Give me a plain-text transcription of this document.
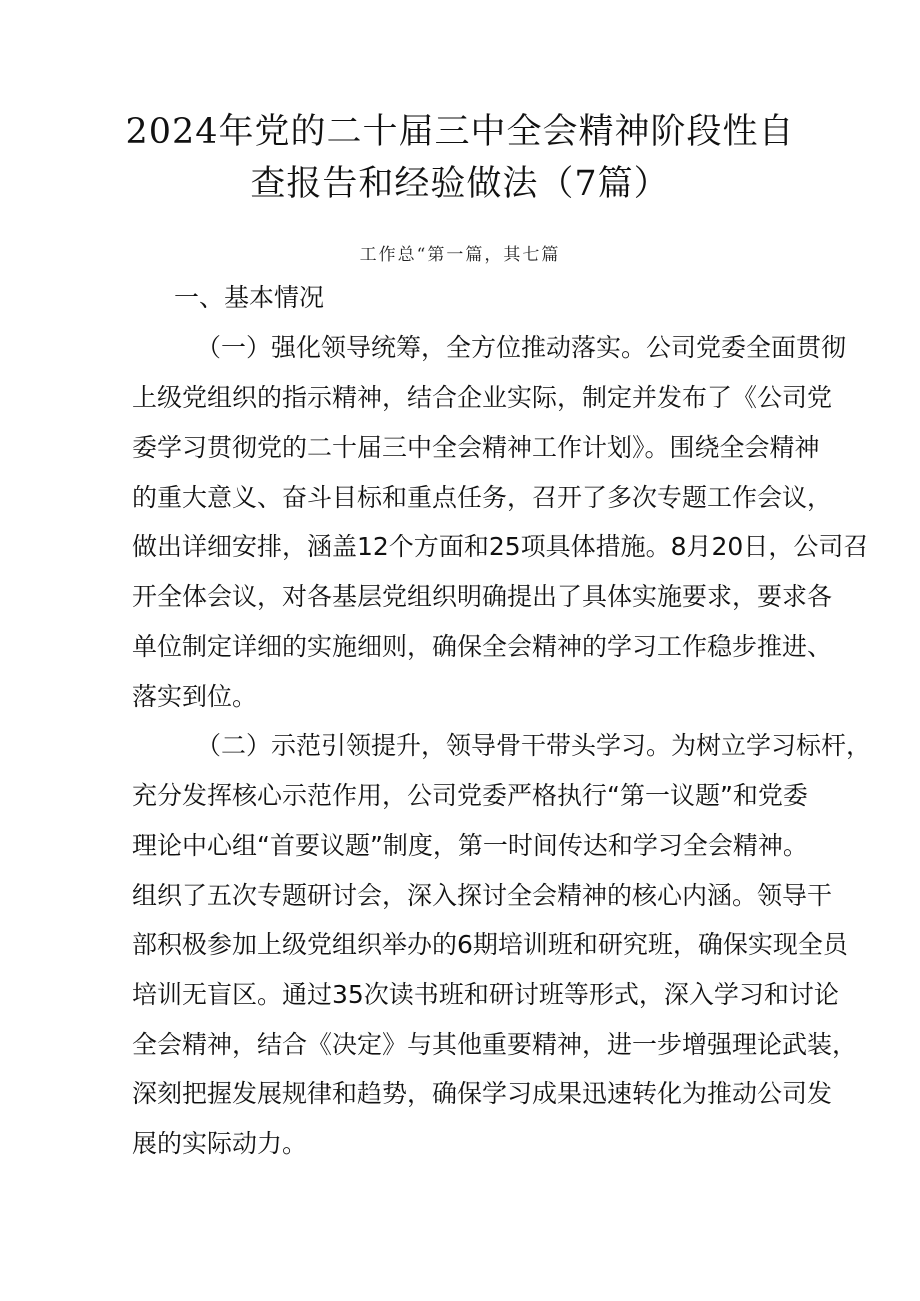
2024年党的二十届三中全会精神阶段性自
查报告和经验做法（7篇）
工作总“第一篇，其七篇
一、基本情况
（一）强化领导统筹，全方位推动落实。公司党委全面贯彻
上级党组织的指示精神，结合企业实际，制定并发布了《公司党
委学习贯彻党的二十届三中全会精神工作计划》。围绕全会精神
的重大意义、奋斗目标和重点任务，召开了多次专题工作会议，
做出详细安排，涵盖12个方面和25项具体措施。8月20日，公司召
开全体会议，对各基层党组织明确提出了具体实施要求，要求各
单位制定详细的实施细则，确保全会精神的学习工作稳步推进、
落实到位。
（二）示范引领提升，领导骨干带头学习。为树立学习标杆，
充分发挥核心示范作用，公司党委严格执行“第一议题”和党委
理论中心组“首要议题”制度，第一时间传达和学习全会精神。
组织了五次专题研讨会，深入探讨全会精神的核心内涵。领导干
部积极参加上级党组织举办的6期培训班和研究班，确保实现全员
培训无盲区。通过35次读书班和研讨班等形式，深入学习和讨论
全会精神，结合《决定》与其他重要精神，进一步增强理论武装，
深刻把握发展规律和趋势，确保学习成果迅速转化为推动公司发
展的实际动力。
